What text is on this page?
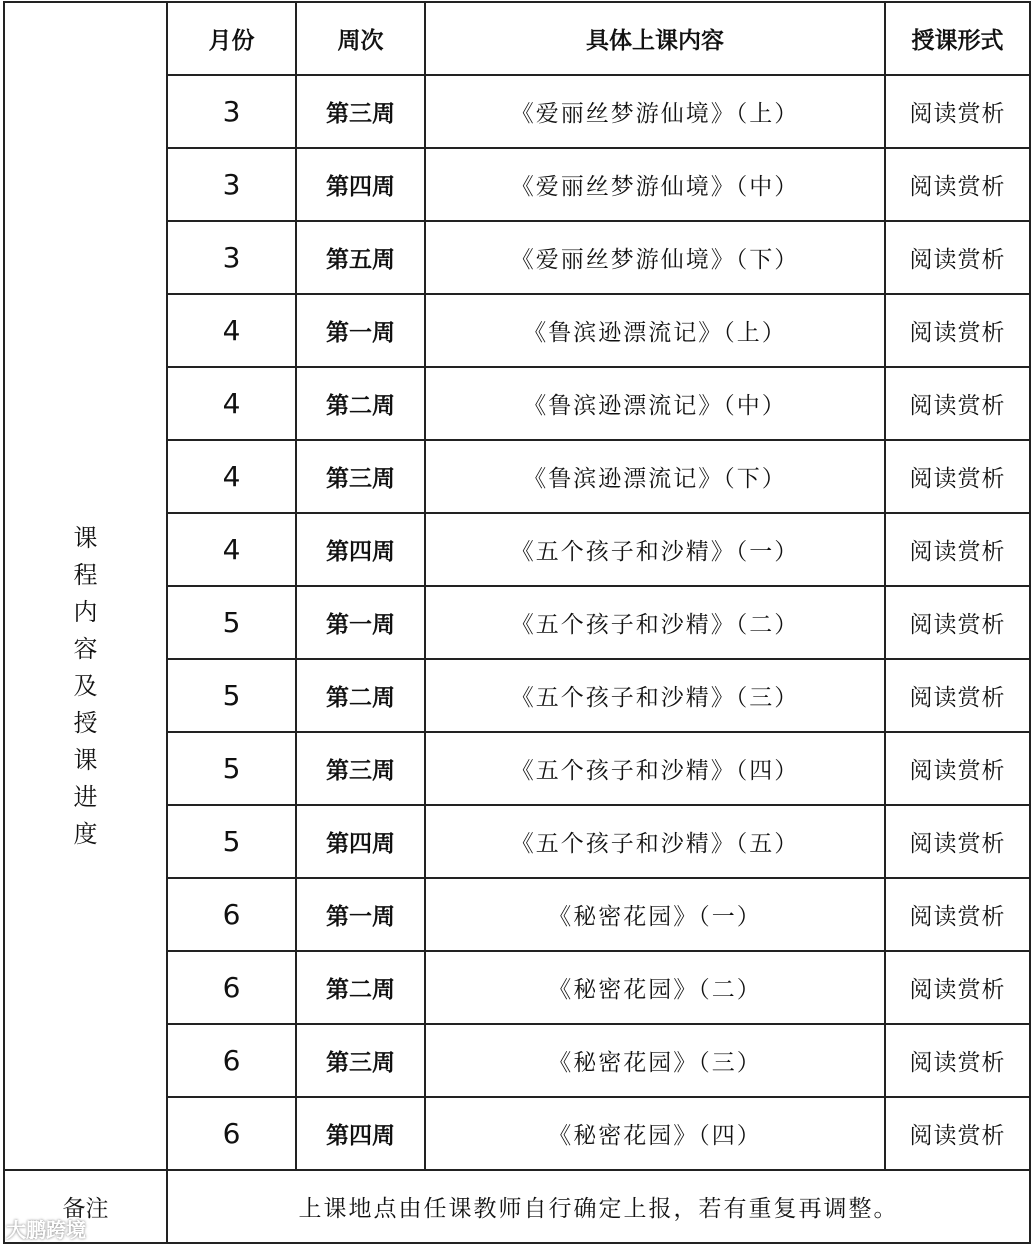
课程内容及授课进度	月份	周次	具体上课内容	授课形式
	3	第三周	《爱丽丝梦游仙境》（上）	阅读赏析
	3	第四周	《爱丽丝梦游仙境》（中）	阅读赏析
	3	第五周	《爱丽丝梦游仙境》（下）	阅读赏析
	4	第一周	《鲁滨逊漂流记》（上）	阅读赏析
	4	第二周	《鲁滨逊漂流记》（中）	阅读赏析
	4	第三周	《鲁滨逊漂流记》（下）	阅读赏析
	4	第四周	《五个孩子和沙精》（一）	阅读赏析
	5	第一周	《五个孩子和沙精》（二）	阅读赏析
	5	第二周	《五个孩子和沙精》（三）	阅读赏析
	5	第三周	《五个孩子和沙精》（四）	阅读赏析
	5	第四周	《五个孩子和沙精》（五）	阅读赏析
	6	第一周	《秘密花园》（一）	阅读赏析
	6	第二周	《秘密花园》（二）	阅读赏析
	6	第三周	《秘密花园》（三）	阅读赏析
	6	第四周	《秘密花园》（四）	阅读赏析
备注	上课地点由任课教师自行确定上报，若有重复再调整。			
大鹏跨境
